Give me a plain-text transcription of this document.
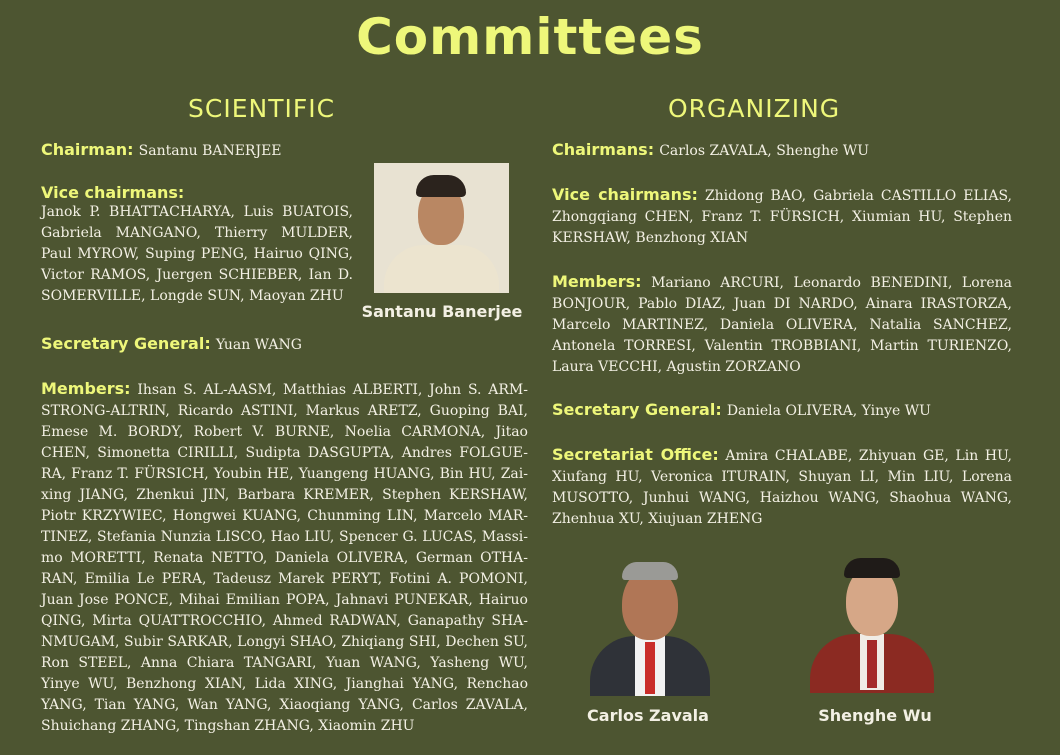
Committees
SCIENTIFIC
Chairman: Santanu BANERJEE
Vice chairmans:
Janok P. BHATTACHARYA, Luis BUATOIS, Gabriela MANGANO, Thierry MULDER, Paul MYROW, Suping PENG, Hairuo QING, Victor RAMOS, Juergen SCHIEBER, Ian D. SOMERVILLE, Longde SUN, Maoyan ZHU
Santanu Banerjee
Secretary General: Yuan WANG
Members: Ihsan S. AL-AASM, Matthias ALBERTI, John S. ARM-STRONG-ALTRIN, Ricardo ASTINI, Markus ARETZ, Guoping BAI, Emese M. BORDY, Robert V. BURNE, Noelia CARMONA, Jitao CHEN, Simonetta CIRILLI, Sudipta DASGUPTA, Andres FOLGUE-RA, Franz T. FÜRSICH, Youbin HE, Yuangeng HUANG, Bin HU, Zai-xing JIANG, Zhenkui JIN, Barbara KREMER, Stephen KERSHAW, Piotr KRZYWIEC, Hongwei KUANG, Chunming LIN, Marcelo MAR-TINEZ, Stefania Nunzia LISCO, Hao LIU, Spencer G. LUCAS, Massi-mo MORETTI, Renata NETTO, Daniela OLIVERA, German OTHA-RAN, Emilia Le PERA, Tadeusz Marek PERYT, Fotini A. POMONI, Juan Jose PONCE, Mihai Emilian POPA, Jahnavi PUNEKAR, Hairuo QING, Mirta QUATTROCCHIO, Ahmed RADWAN, Ganapathy SHA-NMUGAM, Subir SARKAR, Longyi SHAO, Zhiqiang SHI, Dechen SU, Ron STEEL, Anna Chiara TANGARI, Yuan WANG, Yasheng WU, Yinye WU, Benzhong XIAN, Lida XING, Jianghai YANG, Renchao YANG, Tian YANG, Wan YANG, Xiaoqiang YANG, Carlos ZAVALA, Shuichang ZHANG, Tingshan ZHANG, Xiaomin ZHU
ORGANIZING
Chairmans: Carlos ZAVALA, Shenghe WU
Vice chairmans: Zhidong BAO, Gabriela CASTILLO ELIAS, Zhongqiang CHEN, Franz T. FÜRSICH, Xiumian HU, Stephen KERSHAW, Benzhong XIAN
Members: Mariano ARCURI, Leonardo BENEDINI, Lorena BONJOUR, Pablo DIAZ, Juan DI NARDO, Ainara IRASTORZA, Marcelo MARTINEZ, Daniela OLIVERA, Natalia SANCHEZ, Antonela TORRESI, Valentin TROBBIANI, Martin TURIENZO, Laura VECCHI, Agustin ZORZANO
Secretary General: Daniela OLIVERA, Yinye WU
Secretariat Office: Amira CHALABE, Zhiyuan GE, Lin HU, Xiufang HU, Veronica ITURAIN, Shuyan LI, Min LIU, Lorena MUSOTTO, Junhui WANG, Haizhou WANG, Shaohua WANG, Zhenhua XU, Xiujuan ZHENG
Carlos Zavala	Shenghe Wu
